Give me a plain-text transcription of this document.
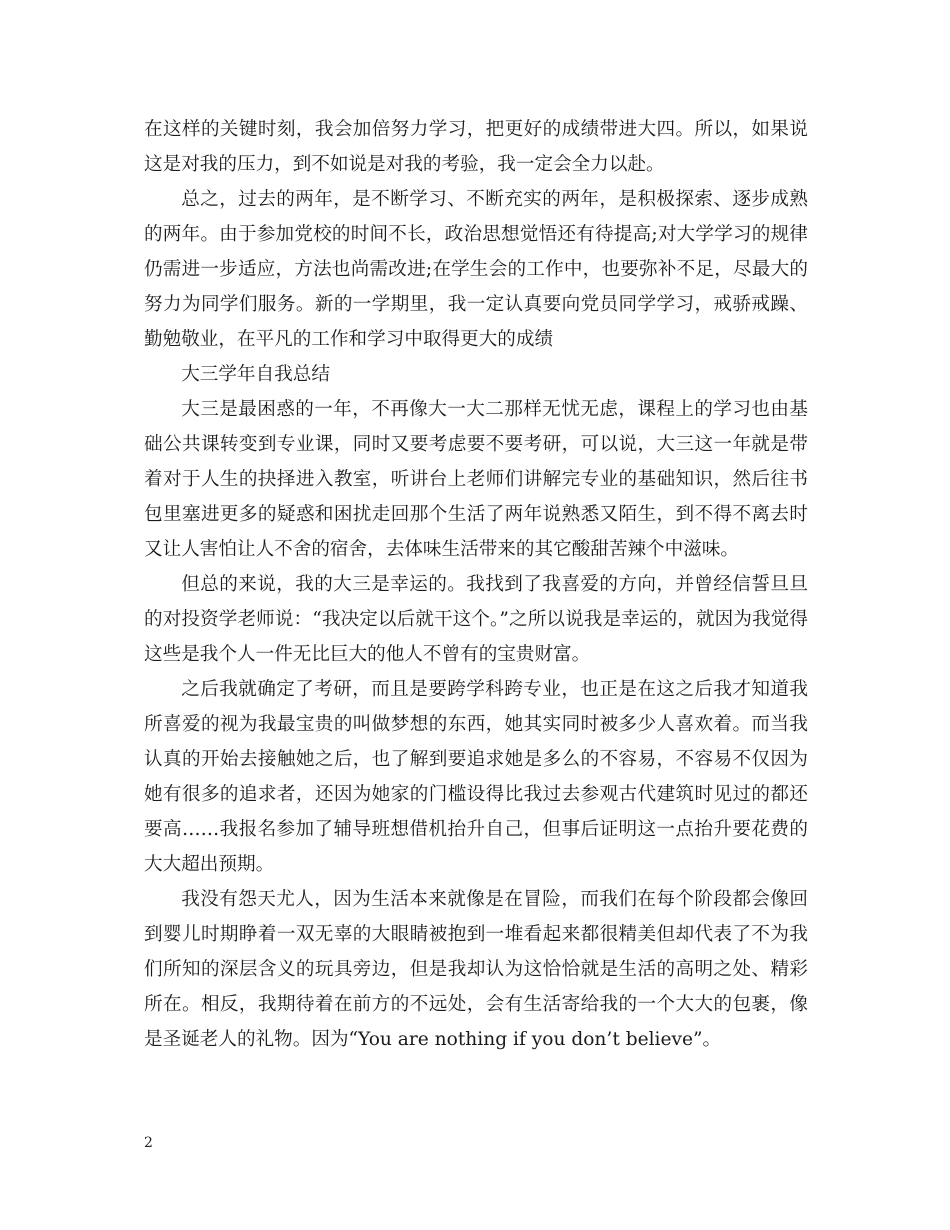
在这样的关键时刻，我会加倍努力学习，把更好的成绩带进大四。所以，如果说这是对我的压力，到不如说是对我的考验，我一定会全力以赴。

总之，过去的两年，是不断学习、不断充实的两年，是积极探索、逐步成熟的两年。由于参加党校的时间不长，政治思想觉悟还有待提高;对大学学习的规律仍需进一步适应，方法也尚需改进;在学生会的工作中，也要弥补不足，尽最大的努力为同学们服务。新的一学期里，我一定认真要向党员同学学习，戒骄戒躁、勤勉敬业，在平凡的工作和学习中取得更大的成绩

大三学年自我总结

大三是最困惑的一年，不再像大一大二那样无忧无虑，课程上的学习也由基础公共课转变到专业课，同时又要考虑要不要考研，可以说，大三这一年就是带着对于人生的抉择进入教室，听讲台上老师们讲解完专业的基础知识，然后往书包里塞进更多的疑惑和困扰走回那个生活了两年说熟悉又陌生，到不得不离去时又让人害怕让人不舍的宿舍，去体味生活带来的其它酸甜苦辣个中滋味。

但总的来说，我的大三是幸运的。我找到了我喜爱的方向，并曾经信誓旦旦的对投资学老师说：“我决定以后就干这个。”之所以说我是幸运的，就因为我觉得这些是我个人一件无比巨大的他人不曾有的宝贵财富。

之后我就确定了考研，而且是要跨学科跨专业，也正是在这之后我才知道我所喜爱的视为我最宝贵的叫做梦想的东西，她其实同时被多少人喜欢着。而当我认真的开始去接触她之后，也了解到要追求她是多么的不容易，不容易不仅因为她有很多的追求者，还因为她家的门槛设得比我过去参观古代建筑时见过的都还要高……我报名参加了辅导班想借机抬升自己，但事后证明这一点抬升要花费的大大超出预期。

我没有怨天尤人，因为生活本来就像是在冒险，而我们在每个阶段都会像回到婴儿时期睁着一双无辜的大眼睛被抱到一堆看起来都很精美但却代表了不为我们所知的深层含义的玩具旁边，但是我却认为这恰恰就是生活的高明之处、精彩所在。相反，我期待着在前方的不远处，会有生活寄给我的一个大大的包裹，像是圣诞老人的礼物。因为“You are nothing if you don’t believe”。

2
